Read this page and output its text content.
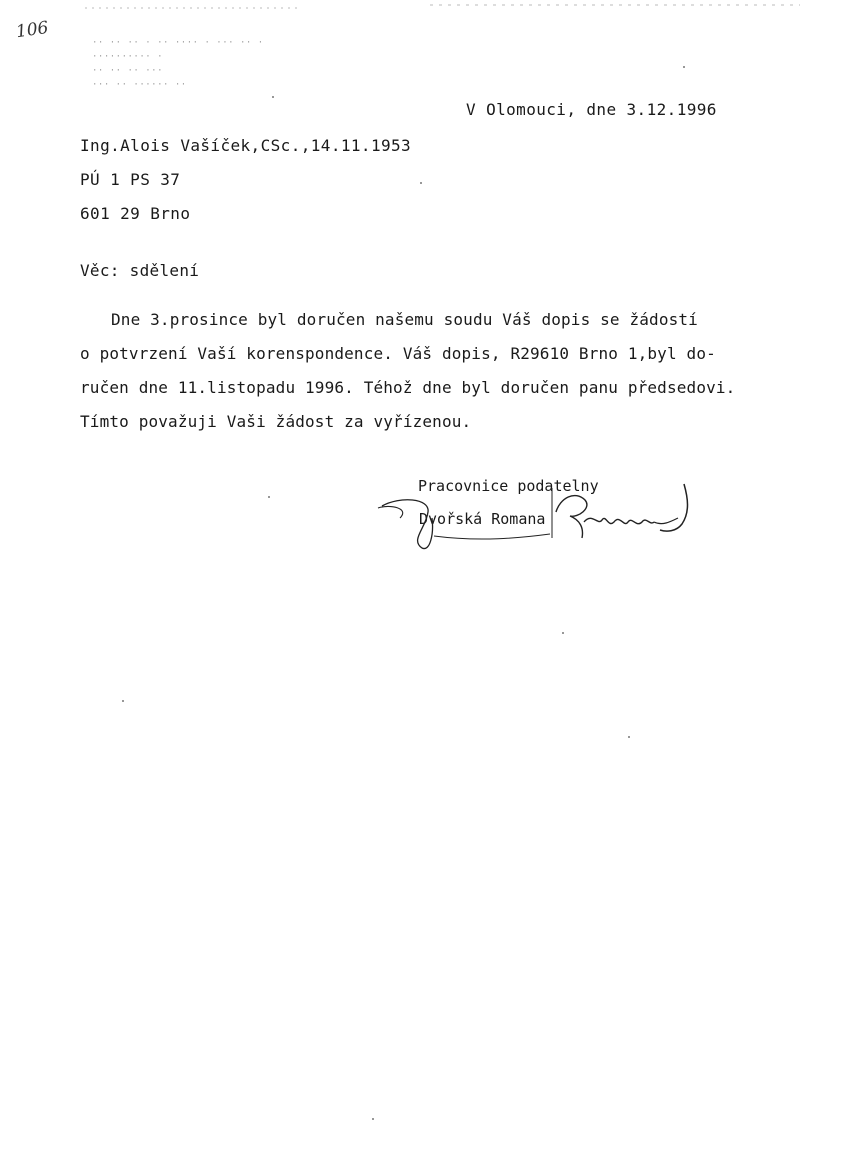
106
·· ·· ·· · ·· ···· · ··· ·· ·
·········· ·
·· ·· ·· ···
··· ·· ······ ··
V Olomouci, dne 3.12.1996
Ing.Alois Vašíček,CSc.,14.11.1953
PÚ 1 PS 37
601 29 Brno
Věc: sdělení
Dne 3.prosince byl doručen našemu soudu Váš dopis se žádostí
o potvrzení Vaší korenspondence. Váš dopis, R29610 Brno 1,byl do-
ručen dne 11.listopadu 1996. Téhož dne byl doručen panu předsedovi.
Tímto považuji Vaši žádost za vyřízenou.
Pracovnice podatelny
Dvořská Romana
